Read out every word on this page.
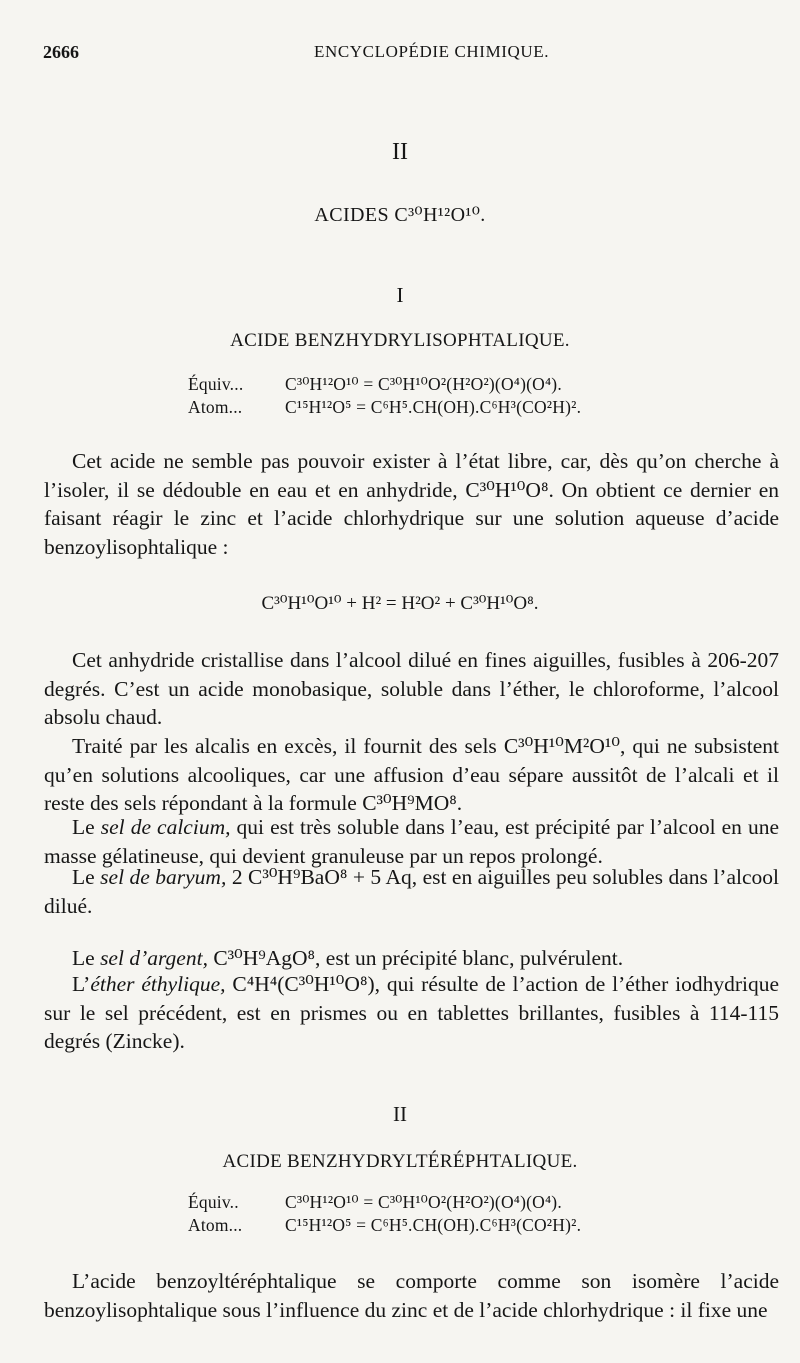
2666	ENCYCLOPÉDIE CHIMIQUE.
II
ACIDES C³⁰H¹²O¹⁰.
I
ACIDE BENZHYDRYLISOPHTALIQUE.
Équiv... C³⁰H¹²O¹⁰ = C³⁰H¹⁰O²(H²O²)(O⁴)(O⁴).
Atom... C¹⁵H¹²O⁵ = C⁶H⁵.CH(OH).C⁶H³(CO²H)².
Cet acide ne semble pas pouvoir exister à l’état libre, car, dès qu’on cherche à l’isoler, il se dédouble en eau et en anhydride, C³⁰H¹⁰O⁸. On obtient ce dernier en faisant réagir le zinc et l’acide chlorhydrique sur une solution aqueuse d’acide benzoylisophtalique :
C³⁰H¹⁰O¹⁰ + H² = H²O² + C³⁰H¹⁰O⁸.
Cet anhydride cristallise dans l’alcool dilué en fines aiguilles, fusibles à 206-207 degrés. C’est un acide monobasique, soluble dans l’éther, le chloroforme, l’alcool absolu chaud.
Traité par les alcalis en excès, il fournit des sels C³⁰H¹⁰M²O¹⁰, qui ne subsistent qu’en solutions alcooliques, car une affusion d’eau sépare aussitôt de l’alcali et il reste des sels répondant à la formule C³⁰H⁹MO⁸.
Le sel de calcium, qui est très soluble dans l’eau, est précipité par l’alcool en une masse gélatineuse, qui devient granuleuse par un repos prolongé.
Le sel de baryum, 2 C³⁰H⁹BaO⁸ + 5 Aq, est en aiguilles peu solubles dans l’alcool dilué.
Le sel d’argent, C³⁰H⁹AgO⁸, est un précipité blanc, pulvérulent.
L’éther éthylique, C⁴H⁴(C³⁰H¹⁰O⁸), qui résulte de l’action de l’éther iodhydrique sur le sel précédent, est en prismes ou en tablettes brillantes, fusibles à 114-115 degrés (Zincke).
II
ACIDE BENZHYDRYLTÉRÉPHTALIQUE.
Équiv..	C³⁰H¹²O¹⁰ = C³⁰H¹⁰O²(H²O²)(O⁴)(O⁴).
Atom... C¹⁵H¹²O⁵ = C⁶H⁵.CH(OH).C⁶H³(CO²H)².
L’acide benzoyltéréphtalique se comporte comme son isomère l’acide benzoylisophtalique sous l’influence du zinc et de l’acide chlorhydrique : il fixe une
